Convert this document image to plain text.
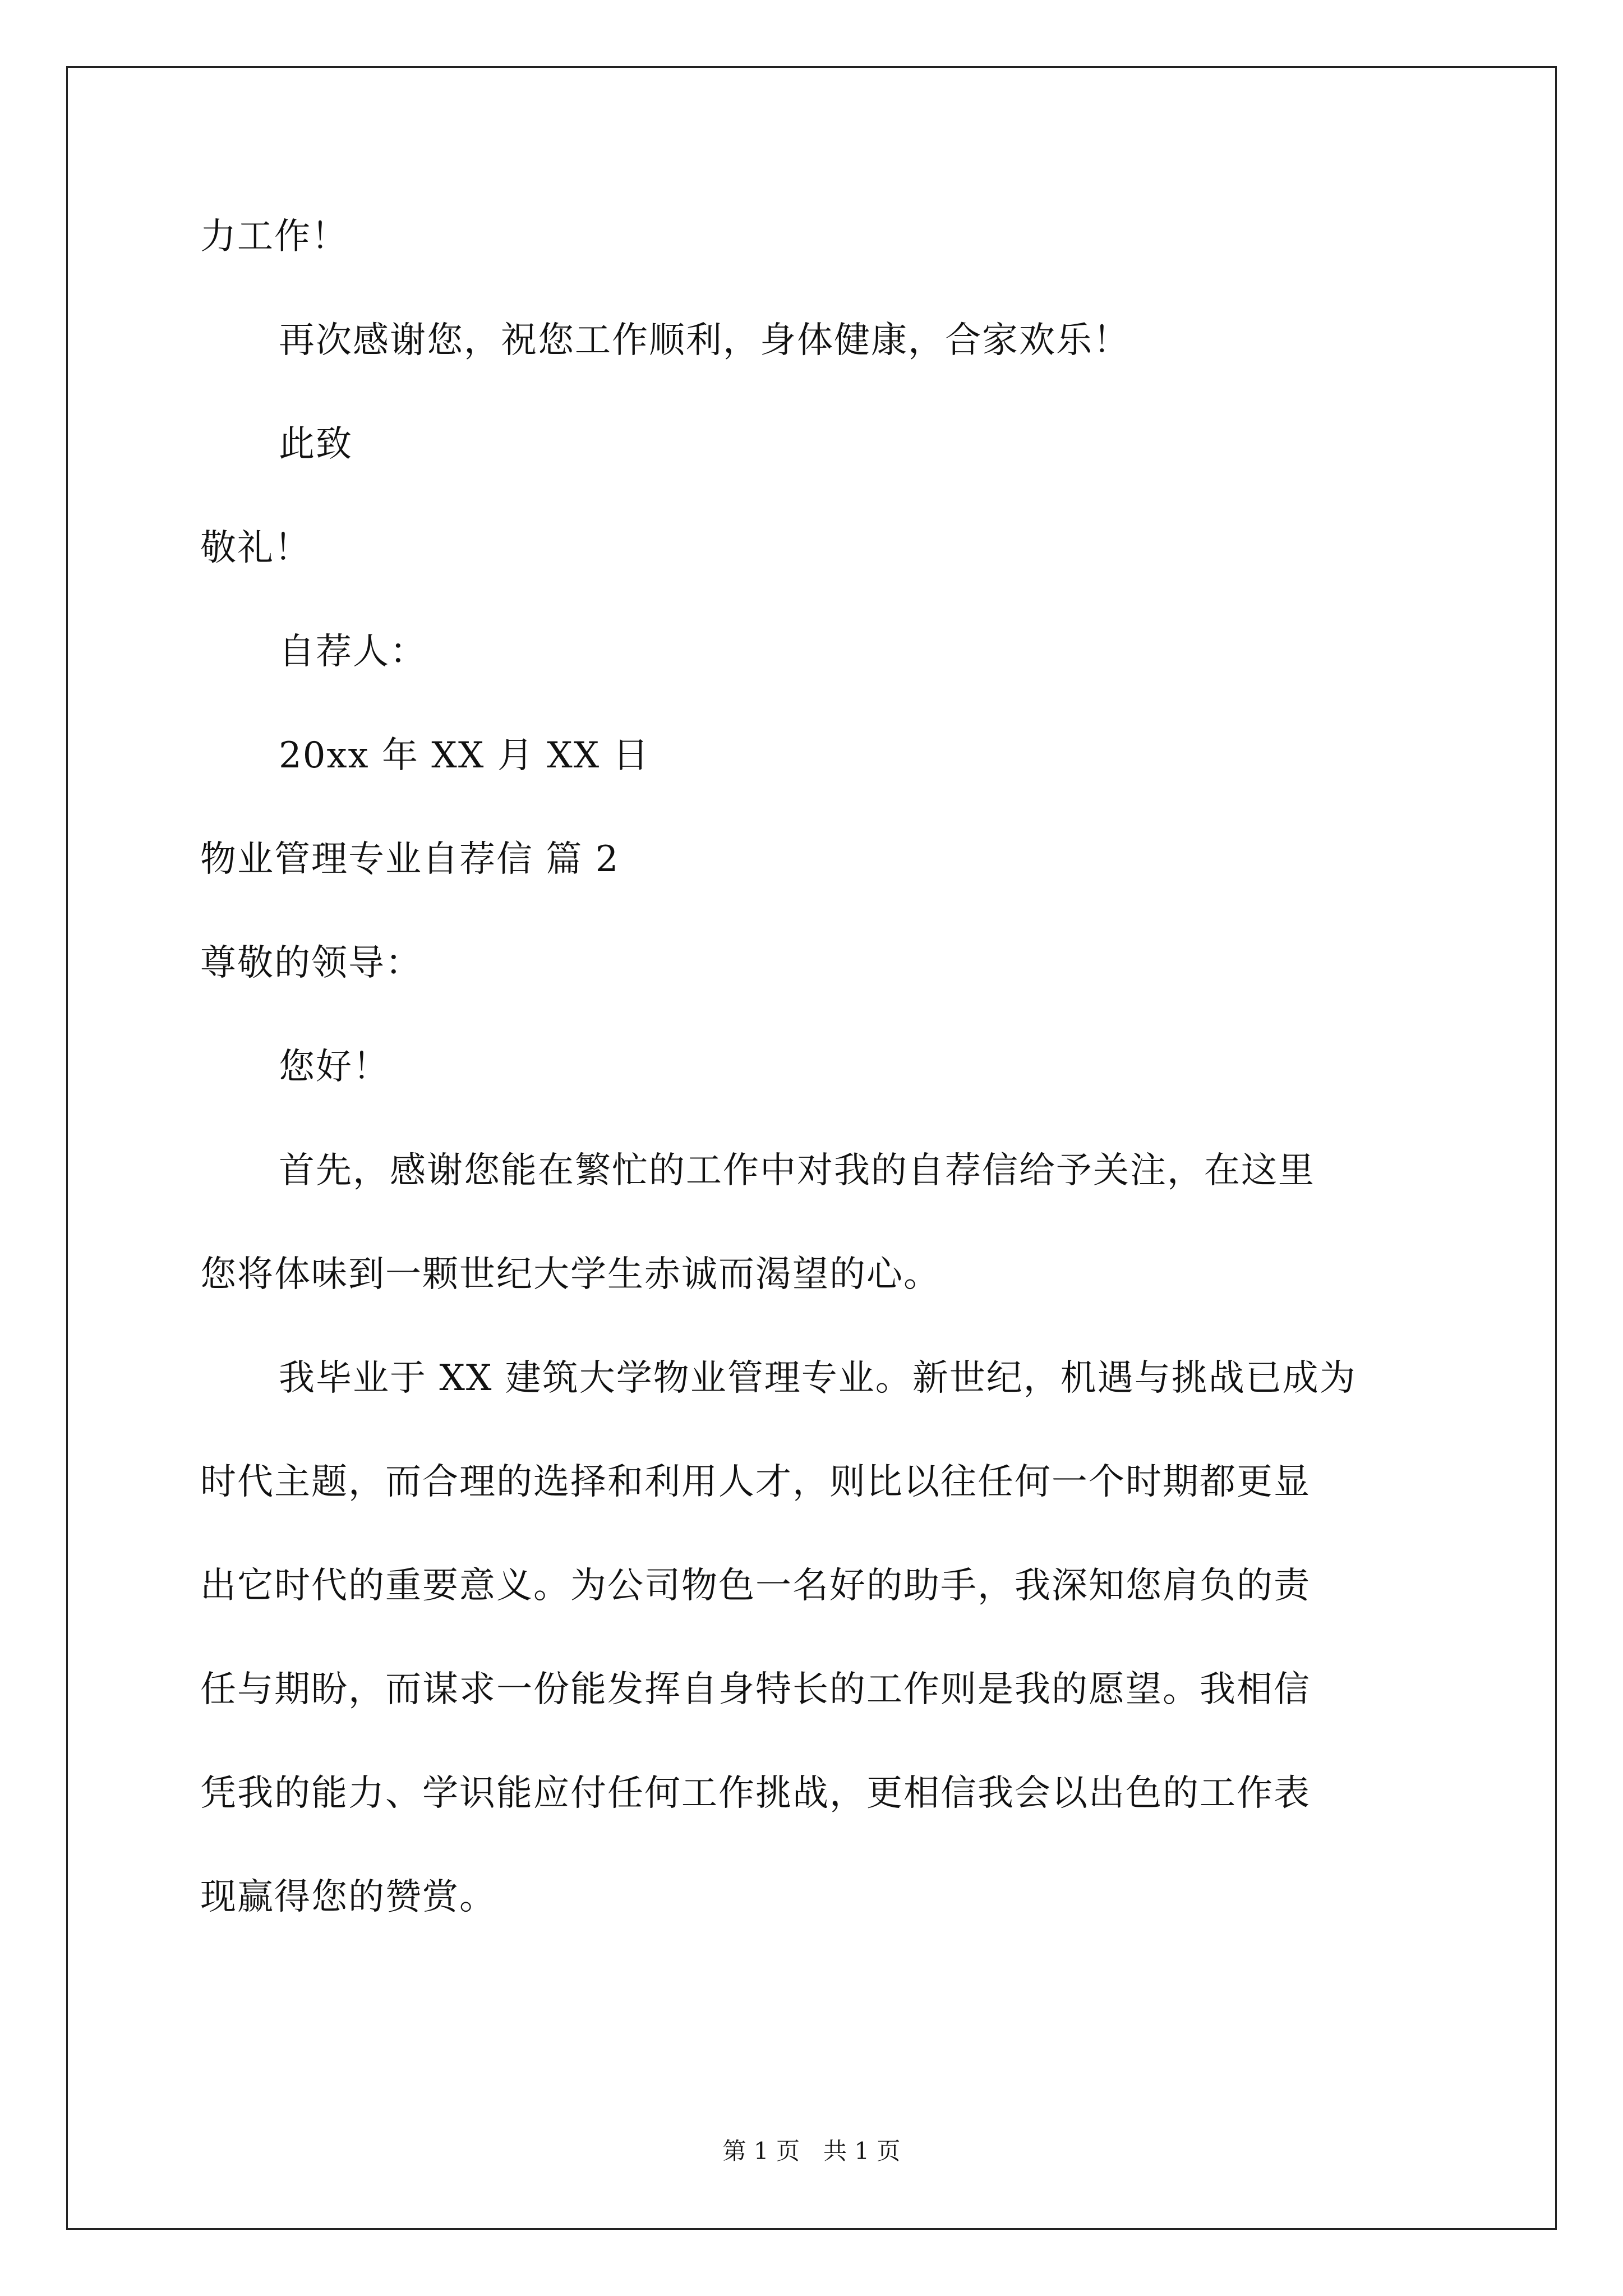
力工作！
再次感谢您，祝您工作顺利，身体健康，合家欢乐！
此致
敬礼！
自荐人：
20xx 年 XX 月 XX 日
物业管理专业自荐信 篇 2
尊敬的领导：
您好！
首先，感谢您能在繁忙的工作中对我的自荐信给予关注，在这里
您将体味到一颗世纪大学生赤诚而渴望的心。
我毕业于 XX 建筑大学物业管理专业。新世纪，机遇与挑战已成为
时代主题，而合理的选择和利用人才，则比以往任何一个时期都更显
出它时代的重要意义。为公司物色一名好的助手，我深知您肩负的责
任与期盼，而谋求一份能发挥自身特长的工作则是我的愿望。我相信
凭我的能力、学识能应付任何工作挑战，更相信我会以出色的工作表
现赢得您的赞赏。
第 1 页　共 1 页
